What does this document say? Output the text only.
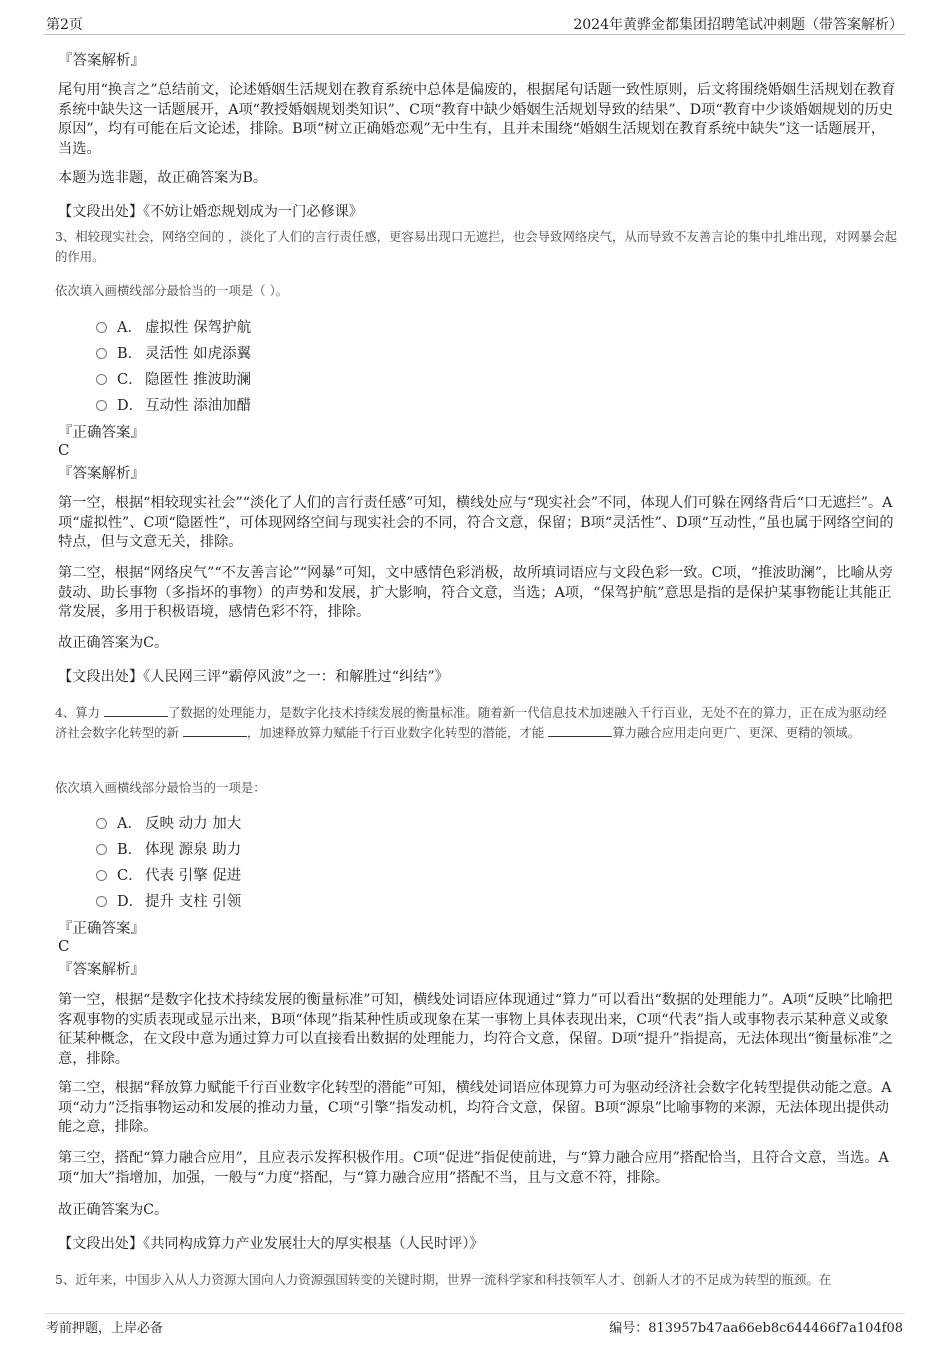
第2页	2024年黄骅金都集团招聘笔试冲刺题（带答案解析）
『答案解析』
尾句用“换言之”总结前文，论述婚姻生活规划在教育系统中总体是偏废的，根据尾句话题一致性原则，后文将围绕婚姻生活规划在教育系统中缺失这一话题展开，A项“教授婚姻规划类知识”、C项“教育中缺少婚姻生活规划导致的结果”、D项“教育中少谈婚姻规划的历史原因”，均有可能在后文论述，排除。B项“树立正确婚恋观”无中生有，且并未围绕“婚姻生活规划在教育系统中缺失”这一话题展开，当选。
本题为选非题，故正确答案为B。
【文段出处】《不妨让婚恋规划成为一门必修课》
3、相较现实社会，网络空间的 ，淡化了人们的言行责任感，更容易出现口无遮拦，也会导致网络戾气，从而导致不友善言论的集中扎堆出现，对网暴会起 的作用。
依次填入画横线部分最恰当的一项是（ ）。
A． 虚拟性 保驾护航
B． 灵活性 如虎添翼
C． 隐匿性 推波助澜
D． 互动性 添油加醋
『正确答案』
C
『答案解析』
第一空，根据“相较现实社会”“淡化了人们的言行责任感”可知，横线处应与“现实社会”不同，体现人们可躲在网络背后“口无遮拦”。A项“虚拟性”、C项“隐匿性”，可体现网络空间与现实社会的不同，符合文意，保留；B项“灵活性”、D项“互动性，”虽也属于网络空间的特点，但与文意无关，排除。
第二空，根据“网络戾气”“不友善言论”“网暴”可知，文中感情色彩消极，故所填词语应与文段色彩一致。C项，“推波助澜”，比喻从旁鼓动、助长事物（多指坏的事物）的声势和发展，扩大影响，符合文意，当选；A项，“保驾护航”意思是指的是保护某事物能让其能正常发展，多用于积极语境，感情色彩不符，排除。
故正确答案为C。
【文段出处】《人民网三评“霸停风波”之一：和解胜过“纠结”》
4、算力	了数据的处理能力，是数字化技术持续发展的衡量标准。随着新一代信息技术加速融入千行百业，无处不在的算力，正在成为驱动经济社会数字化转型的新	，加速释放算力赋能千行百业数字化转型的潜能，才能	算力融合应用走向更广、更深、更精的领域。
依次填入画横线部分最恰当的一项是：
A． 反映 动力 加大
B． 体现 源泉 助力
C． 代表 引擎 促进
D． 提升 支柱 引领
『正确答案』
C
『答案解析』
第一空，根据“是数字化技术持续发展的衡量标准”可知，横线处词语应体现通过“算力”可以看出“数据的处理能力”。A项“反映”比喻把客观事物的实质表现或显示出来，B项“体现”指某种性质或现象在某一事物上具体表现出来，C项“代表”指人或事物表示某种意义或象征某种概念，在文段中意为通过算力可以直接看出数据的处理能力，均符合文意，保留。D项“提升”指提高，无法体现出“衡量标准”之意，排除。
第二空，根据“释放算力赋能千行百业数字化转型的潜能”可知，横线处词语应体现算力可为驱动经济社会数字化转型提供动能之意。A项“动力”泛指事物运动和发展的推动力量，C项“引擎”指发动机，均符合文意，保留。B项“源泉”比喻事物的来源，无法体现出提供动能之意，排除。
第三空，搭配“算力融合应用”，且应表示发挥积极作用。C项“促进”指促使前进，与“算力融合应用”搭配恰当，且符合文意，当选。A项“加大”指增加，加强，一般与“力度”搭配，与“算力融合应用”搭配不当，且与文意不符，排除。
故正确答案为C。
【文段出处】《共同构成算力产业发展壮大的厚实根基（人民时评）》
5、近年来，中国步入从人力资源大国向人力资源强国转变的关键时期，世界一流科学家和科技领军人才、创新人才的不足成为转型的瓶颈。在
考前押题，上岸必备	编号：813957b47aa66eb8c644466f7a104f08
